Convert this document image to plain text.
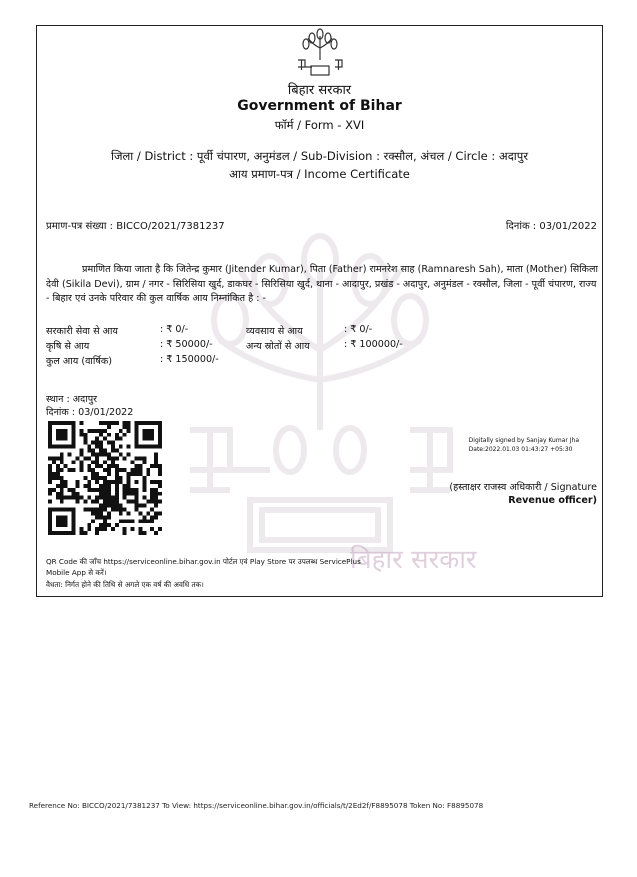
बिहार सरकार
बिहार सरकार
Government of Bihar
फॉर्म / Form - XVI
जिला / District : पूर्वी चंपारण, अनुमंडल / Sub-Division : रक्सौल, अंचल / Circle : अदापुर
आय प्रमाण-पत्र / Income Certificate
प्रमाण-पत्र संख्या : BICCO/2021/7381237	दिनांक : 03/01/2022
प्रमाणित किया जाता है कि जितेन्द्र कुमार (Jitender Kumar), पिता (Father) रामनरेश साह (Ramnaresh Sah), माता (Mother) सिकिला देवी (Sikila Devi), ग्राम / नगर - सिरिसिया खुर्द, डाकघर - सिरिसिया खुर्द, थाना - आदापुर, प्रखंड - अदापुर, अनुमंडल - रक्सौल, जिला - पूर्वी चंपारण, राज्य - बिहार एवं उनके परिवार की कुल वार्षिक आय निम्नांकित है : -
सरकारी सेवा से आय	: ₹ 0/-	व्यवसाय से आय	: ₹ 0/-
कृषि से आय	: ₹ 50000/-	अन्य स्रोतों से आय	: ₹ 100000/-
कुल आय (वार्षिक)	: ₹ 150000/-
स्थान : अदापुर
दिनांक : 03/01/2022
Digitally signed by Sanjay Kumar Jha
Date:2022.01.03 01:43:27 +05:30
(हस्ताक्षर राजस्व अधिकारी / Signature
Revenue officer)
QR Code की जाँच https://serviceonline.bihar.gov.in पोर्टल एवं Play Store पर उपलब्ध ServicePlus Mobile App से करें।
वैधता: निर्गत होने की तिथि से अगले एक वर्ष की अवधि तक।
Reference No: BICCO/2021/7381237 To View: https://serviceonline.bihar.gov.in/officials/t/2Ed2f/F8895078 Token No: F8895078
